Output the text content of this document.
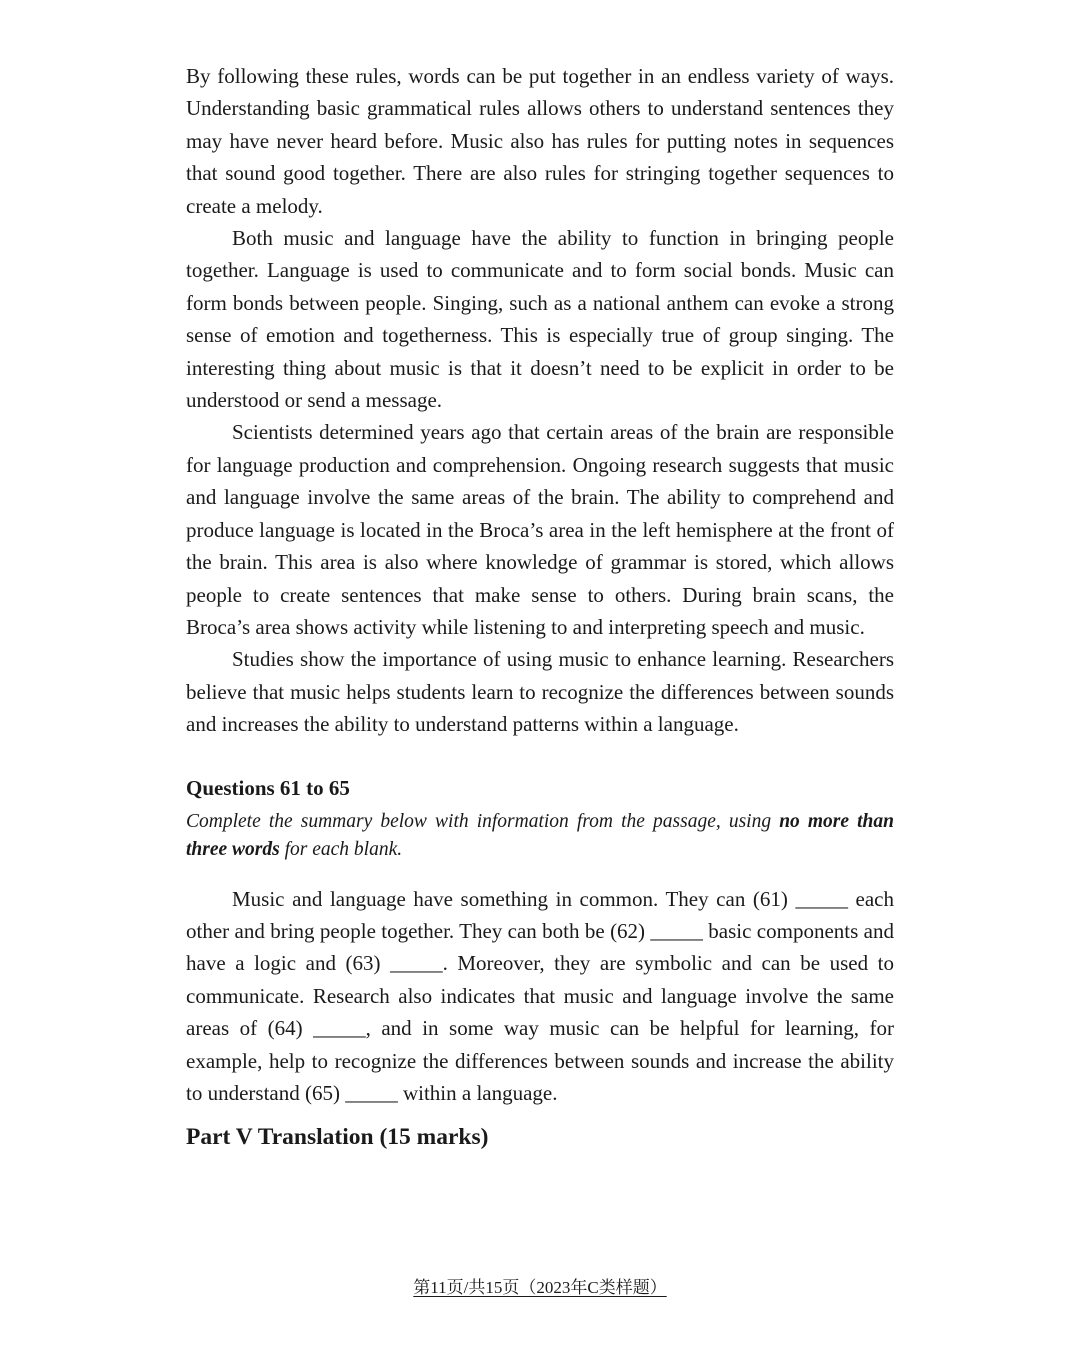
By following these rules, words can be put together in an endless variety of ways. Understanding basic grammatical rules allows others to understand sentences they may have never heard before. Music also has rules for putting notes in sequences that sound good together. There are also rules for stringing together sequences to create a melody.

Both music and language have the ability to function in bringing people together. Language is used to communicate and to form social bonds. Music can form bonds between people. Singing, such as a national anthem can evoke a strong sense of emotion and togetherness. This is especially true of group singing. The interesting thing about music is that it doesn’t need to be explicit in order to be understood or send a message.

Scientists determined years ago that certain areas of the brain are responsible for language production and comprehension. Ongoing research suggests that music and language involve the same areas of the brain. The ability to comprehend and produce language is located in the Broca’s area in the left hemisphere at the front of the brain. This area is also where knowledge of grammar is stored, which allows people to create sentences that make sense to others. During brain scans, the Broca’s area shows activity while listening to and interpreting speech and music.

Studies show the importance of using music to enhance learning. Researchers believe that music helps students learn to recognize the differences between sounds and increases the ability to understand patterns within a language.

Questions 61 to 65

Complete the summary below with information from the passage, using no more than three words for each blank.

Music and language have something in common. They can (61) _____ each other and bring people together. They can both be (62) _____ basic components and have a logic and (63) _____. Moreover, they are symbolic and can be used to communicate. Research also indicates that music and language involve the same areas of (64) _____, and in some way music can be helpful for learning, for example, help to recognize the differences between sounds and increase the ability to understand (65) _____ within a language.

Part V Translation (15 marks)
第11页/共15页（2023年C类样题）
